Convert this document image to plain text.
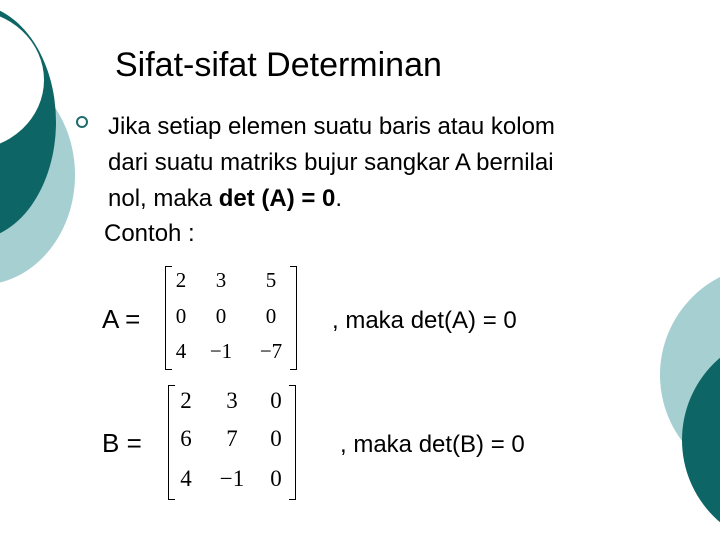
Sifat-sifat Determinan
Jika setiap elemen suatu baris atau kolom
dari suatu matriks bujur sangkar A bernilai
nol, maka det (A) = 0.
Contoh :
A =
2	3	5
0	0	0
4	−1	−7
, maka det(A) = 0
B =
2	3	0
6	7	0
4	−1	0
, maka det(B) = 0
